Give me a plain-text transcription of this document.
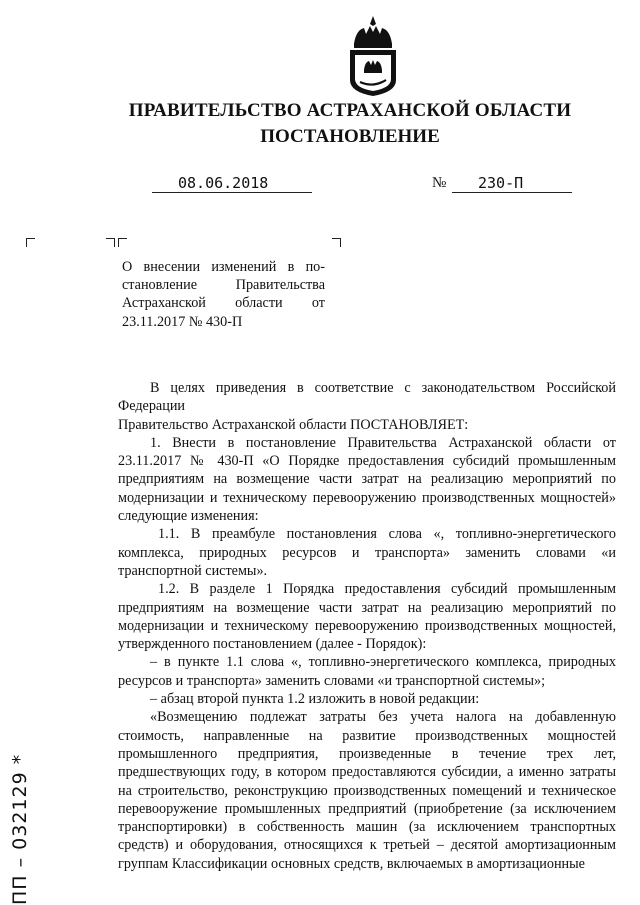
ПРАВИТЕЛЬСТВО АСТРАХАНСКОЙ ОБЛАСТИ
ПОСТАНОВЛЕНИЕ
08.06.2018	№	230-П
О внесении изменений в по-
становление Правительства
Астраханской области от
23.11.2017 № 430-П

В целях приведения в соответствие с законодательством Российской Федерации

Правительство Астраханской области ПОСТАНОВЛЯЕТ:

1. Внести в постановление Правительства Астраханской области от 23.11.2017 № 430-П «О Порядке предоставления субсидий промышленным предприятиям на возмещение части затрат на реализацию мероприятий по модернизации и техническому перевооружению производственных мощностей» следующие изменения:

1.1. В преамбуле постановления слова «, топливно-энергетического комплекса, природных ресурсов и транспорта» заменить словами «и транспортной системы».

1.2. В разделе 1 Порядка предоставления субсидий промышленным предприятиям на возмещение части затрат на реализацию мероприятий по модернизации и техническому перевооружению производственных мощностей, утвержденного постановлением (далее - Порядок):

– в пункте 1.1 слова «, топливно-энергетического комплекса, природных ресурсов и транспорта» заменить словами «и транспортной системы»;

– абзац второй пункта 1.2 изложить в новой редакции:

«Возмещению подлежат затраты без учета налога на добавленную стоимость, направленные на развитие производственных мощностей промышленного предприятия, произведенные в течение трех лет, предшествующих году, в котором предоставляются субсидии, а именно затраты на строительство, реконструкцию производственных помещений и техническое перевооружение промышленных предприятий (приобретение (за исключением транспортировки) в собственность машин (за исключением транспортных средств) и оборудования, относящихся к третьей – десятой амортизационным группам Классификации основных средств, включаемых в амортизационные

ПП – 032129 *
